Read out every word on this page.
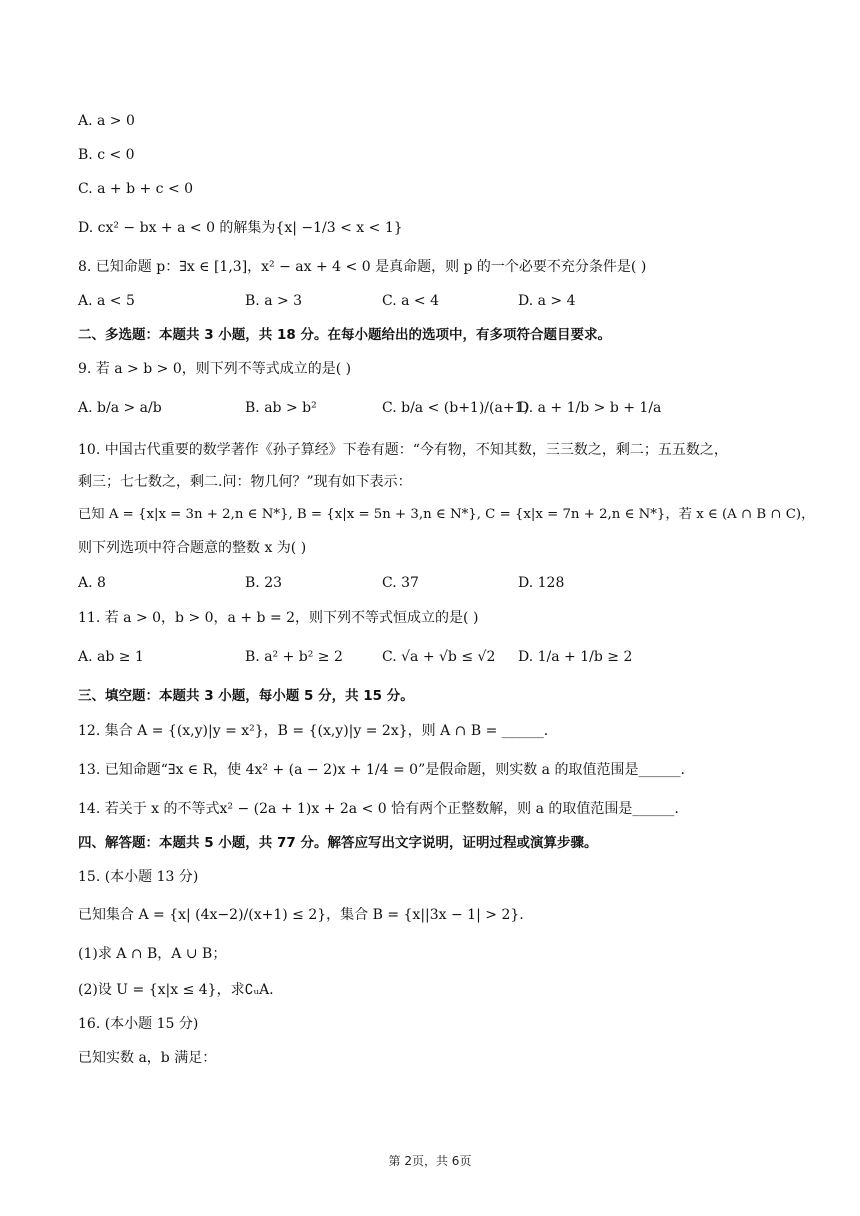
A. a > 0
B. c < 0
C. a + b + c < 0
D. cx² − bx + a < 0 的解集为{x| −1/3 < x < 1}
8. 已知命题 p：∃x ∈ [1,3]，x² − ax + 4 < 0 是真命题，则 p 的一个必要不充分条件是( )
A. a < 5	B. a > 3	C. a < 4	D. a > 4
二、多选题：本题共 3 小题，共 18 分。在每小题给出的选项中，有多项符合题目要求。
9. 若 a > b > 0，则下列不等式成立的是( )
A. b/a > a/b	B. ab > b²	C. b/a < (b+1)/(a+1)
D. a + 1/b > b + 1/a
10. 中国古代重要的数学著作《孙子算经》下卷有题：“今有物，不知其数，三三数之，剩二；五五数之，
剩三；七七数之，剩二.问：物几何？”现有如下表示：
已知 A = {x|x = 3n + 2,n ∈ N*}, B = {x|x = 5n + 3,n ∈ N*}, C = {x|x = 7n + 2,n ∈ N*}，若 x ∈ (A ∩ B ∩ C)，
则下列选项中符合题意的整数 x 为( )
A. 8	B. 23	C. 37	D. 128
11. 若 a > 0，b > 0，a + b = 2，则下列不等式恒成立的是( )
A. ab ≥ 1	B. a² + b² ≥ 2	C. √a + √b ≤ √2 D. 1/a + 1/b ≥ 2
三、填空题：本题共 3 小题，每小题 5 分，共 15 分。
12. 集合 A = {(x,y)|y = x²}，B = {(x,y)|y = 2x}，则 A ∩ B = ______.
13. 已知命题“∃x ∈ R，使 4x² + (a − 2)x + 1/4 = 0”是假命题，则实数 a 的取值范围是______.
14. 若关于 x 的不等式x² − (2a + 1)x + 2a < 0 恰有两个正整数解，则 a 的取值范围是______.
四、解答题：本题共 5 小题，共 77 分。解答应写出文字说明，证明过程或演算步骤。
15. (本小题 13 分)
已知集合 A = {x| (4x−2)/(x+1) ≤ 2}，集合 B = {x||3x − 1| > 2}.
(1)求 A ∩ B，A ∪ B；
(2)设 U = {x|x ≤ 4}，求∁ᵤA.
16. (本小题 15 分)
已知实数 a，b 满足：
第 2页，共 6页
